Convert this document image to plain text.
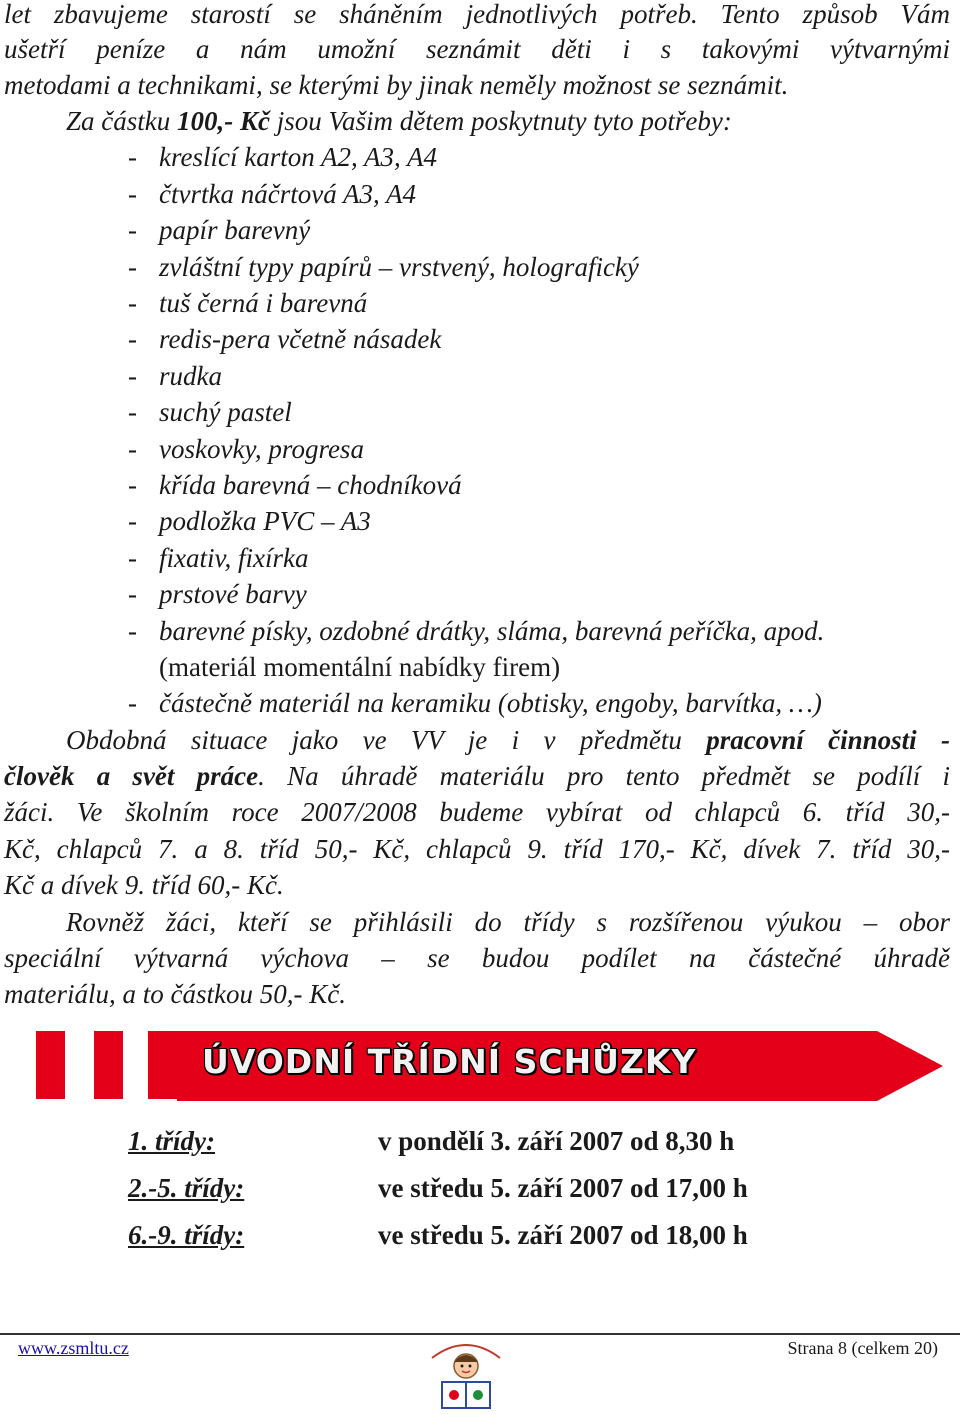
let zbavujeme starostí se sháněním jednotlivých potřeb. Tento způsob Vám
ušetří peníze a nám umožní seznámit děti i s takovými výtvarnými
metodami a technikami, se kterými by jinak neměly možnost se seznámit.
Za částku 100,- Kč jsou Vašim dětem poskytnuty tyto potřeby:
- kreslící karton A2, A3, A4
- čtvrtka náčrtová A3, A4
- papír barevný
- zvláštní typy papírů – vrstvený, holografický
- tuš černá i barevná
- redis-pera včetně násadek
- rudka
- suchý pastel
- voskovky, progresa
- křída barevná – chodníková
- podložka PVC – A3
- fixativ, fixírka
- prstové barvy
- barevné písky, ozdobné drátky, sláma, barevná peříčka, apod.
(materiál momentální nabídky firem)
- částečně materiál na keramiku (obtisky, engoby, barvítka, …)
Obdobná situace jako ve VV je i v předmětu pracovní činnosti -
člověk a svět práce. Na úhradě materiálu pro tento předmět se podílí i
žáci. Ve školním roce 2007/2008 budeme vybírat od chlapců 6. tříd 30,-
Kč, chlapců 7. a 8. tříd 50,- Kč, chlapců 9. tříd 170,- Kč, dívek 7. tříd 30,-
Kč a dívek 9. tříd 60,- Kč.
Rovněž žáci, kteří se přihlásili do třídy s rozšířenou výukou – obor
speciální výtvarná výchova – se budou podílet na částečné úhradě
materiálu, a to částkou 50,- Kč.
ÚVODNÍ TŘÍDNÍ SCHŮZKY
1. třídy:	v pondělí 3. září 2007 od 8,30 h
2.-5. třídy:	ve středu 5. září 2007 od 17,00 h
6.-9. třídy:	ve středu 5. září 2007 od 18,00 h
www.zsmltu.cz	Strana 8 (celkem 20)
